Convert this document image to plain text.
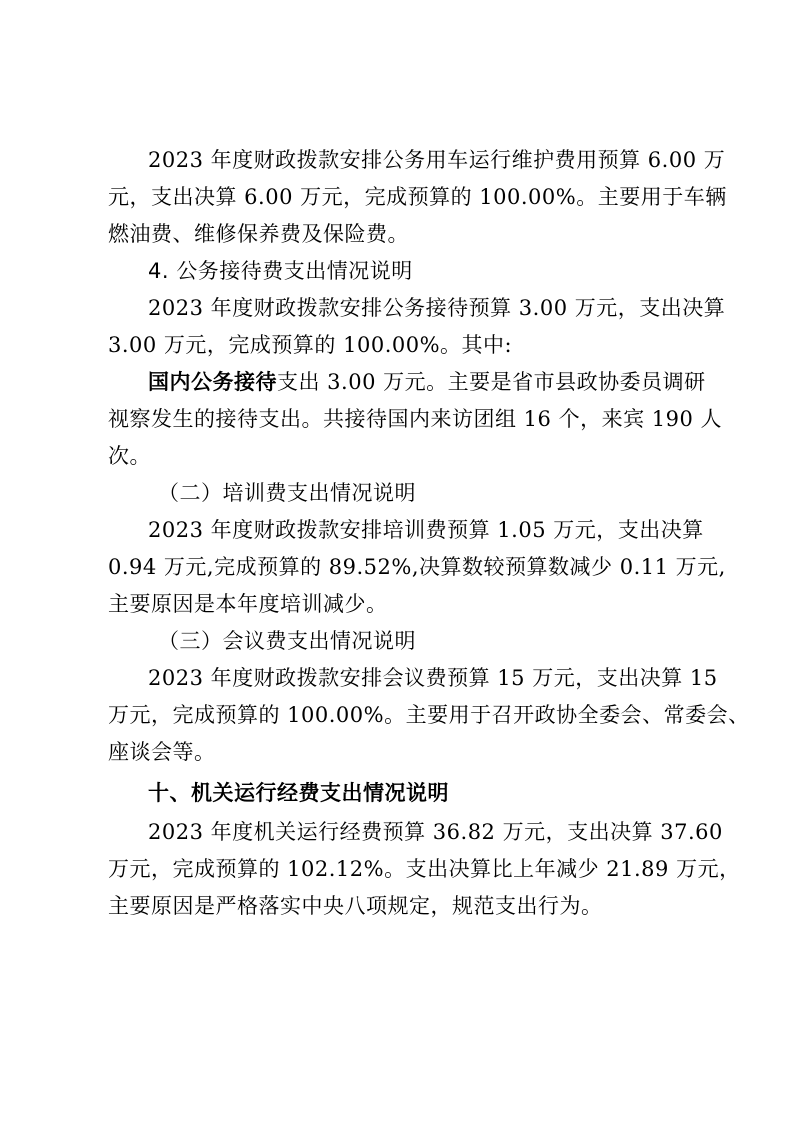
2023 年度财政拨款安排公务用车运行维护费用预算 6.00 万
元，支出决算 6.00 万元，完成预算的 100.00%。主要用于车辆
燃油费、维修保养费及保险费。
4. 公务接待费支出情况说明
2023 年度财政拨款安排公务接待预算 3.00 万元，支出决算
3.00 万元，完成预算的 100.00%。其中:
国内公务接待支出 3.00 万元。主要是省市县政协委员调研
视察发生的接待支出。共接待国内来访团组 16 个，来宾 190 人
次。
（二）培训费支出情况说明
2023 年度财政拨款安排培训费预算 1.05 万元，支出决算
0.94 万元,完成预算的 89.52%,决算数较预算数减少 0.11 万元,
主要原因是本年度培训减少。
（三）会议费支出情况说明
2023 年度财政拨款安排会议费预算 15 万元，支出决算 15
万元，完成预算的 100.00%。主要用于召开政协全委会、常委会、
座谈会等。
十、机关运行经费支出情况说明
2023 年度机关运行经费预算 36.82 万元，支出决算 37.60
万元，完成预算的 102.12%。支出决算比上年减少 21.89 万元，
主要原因是严格落实中央八项规定，规范支出行为。
